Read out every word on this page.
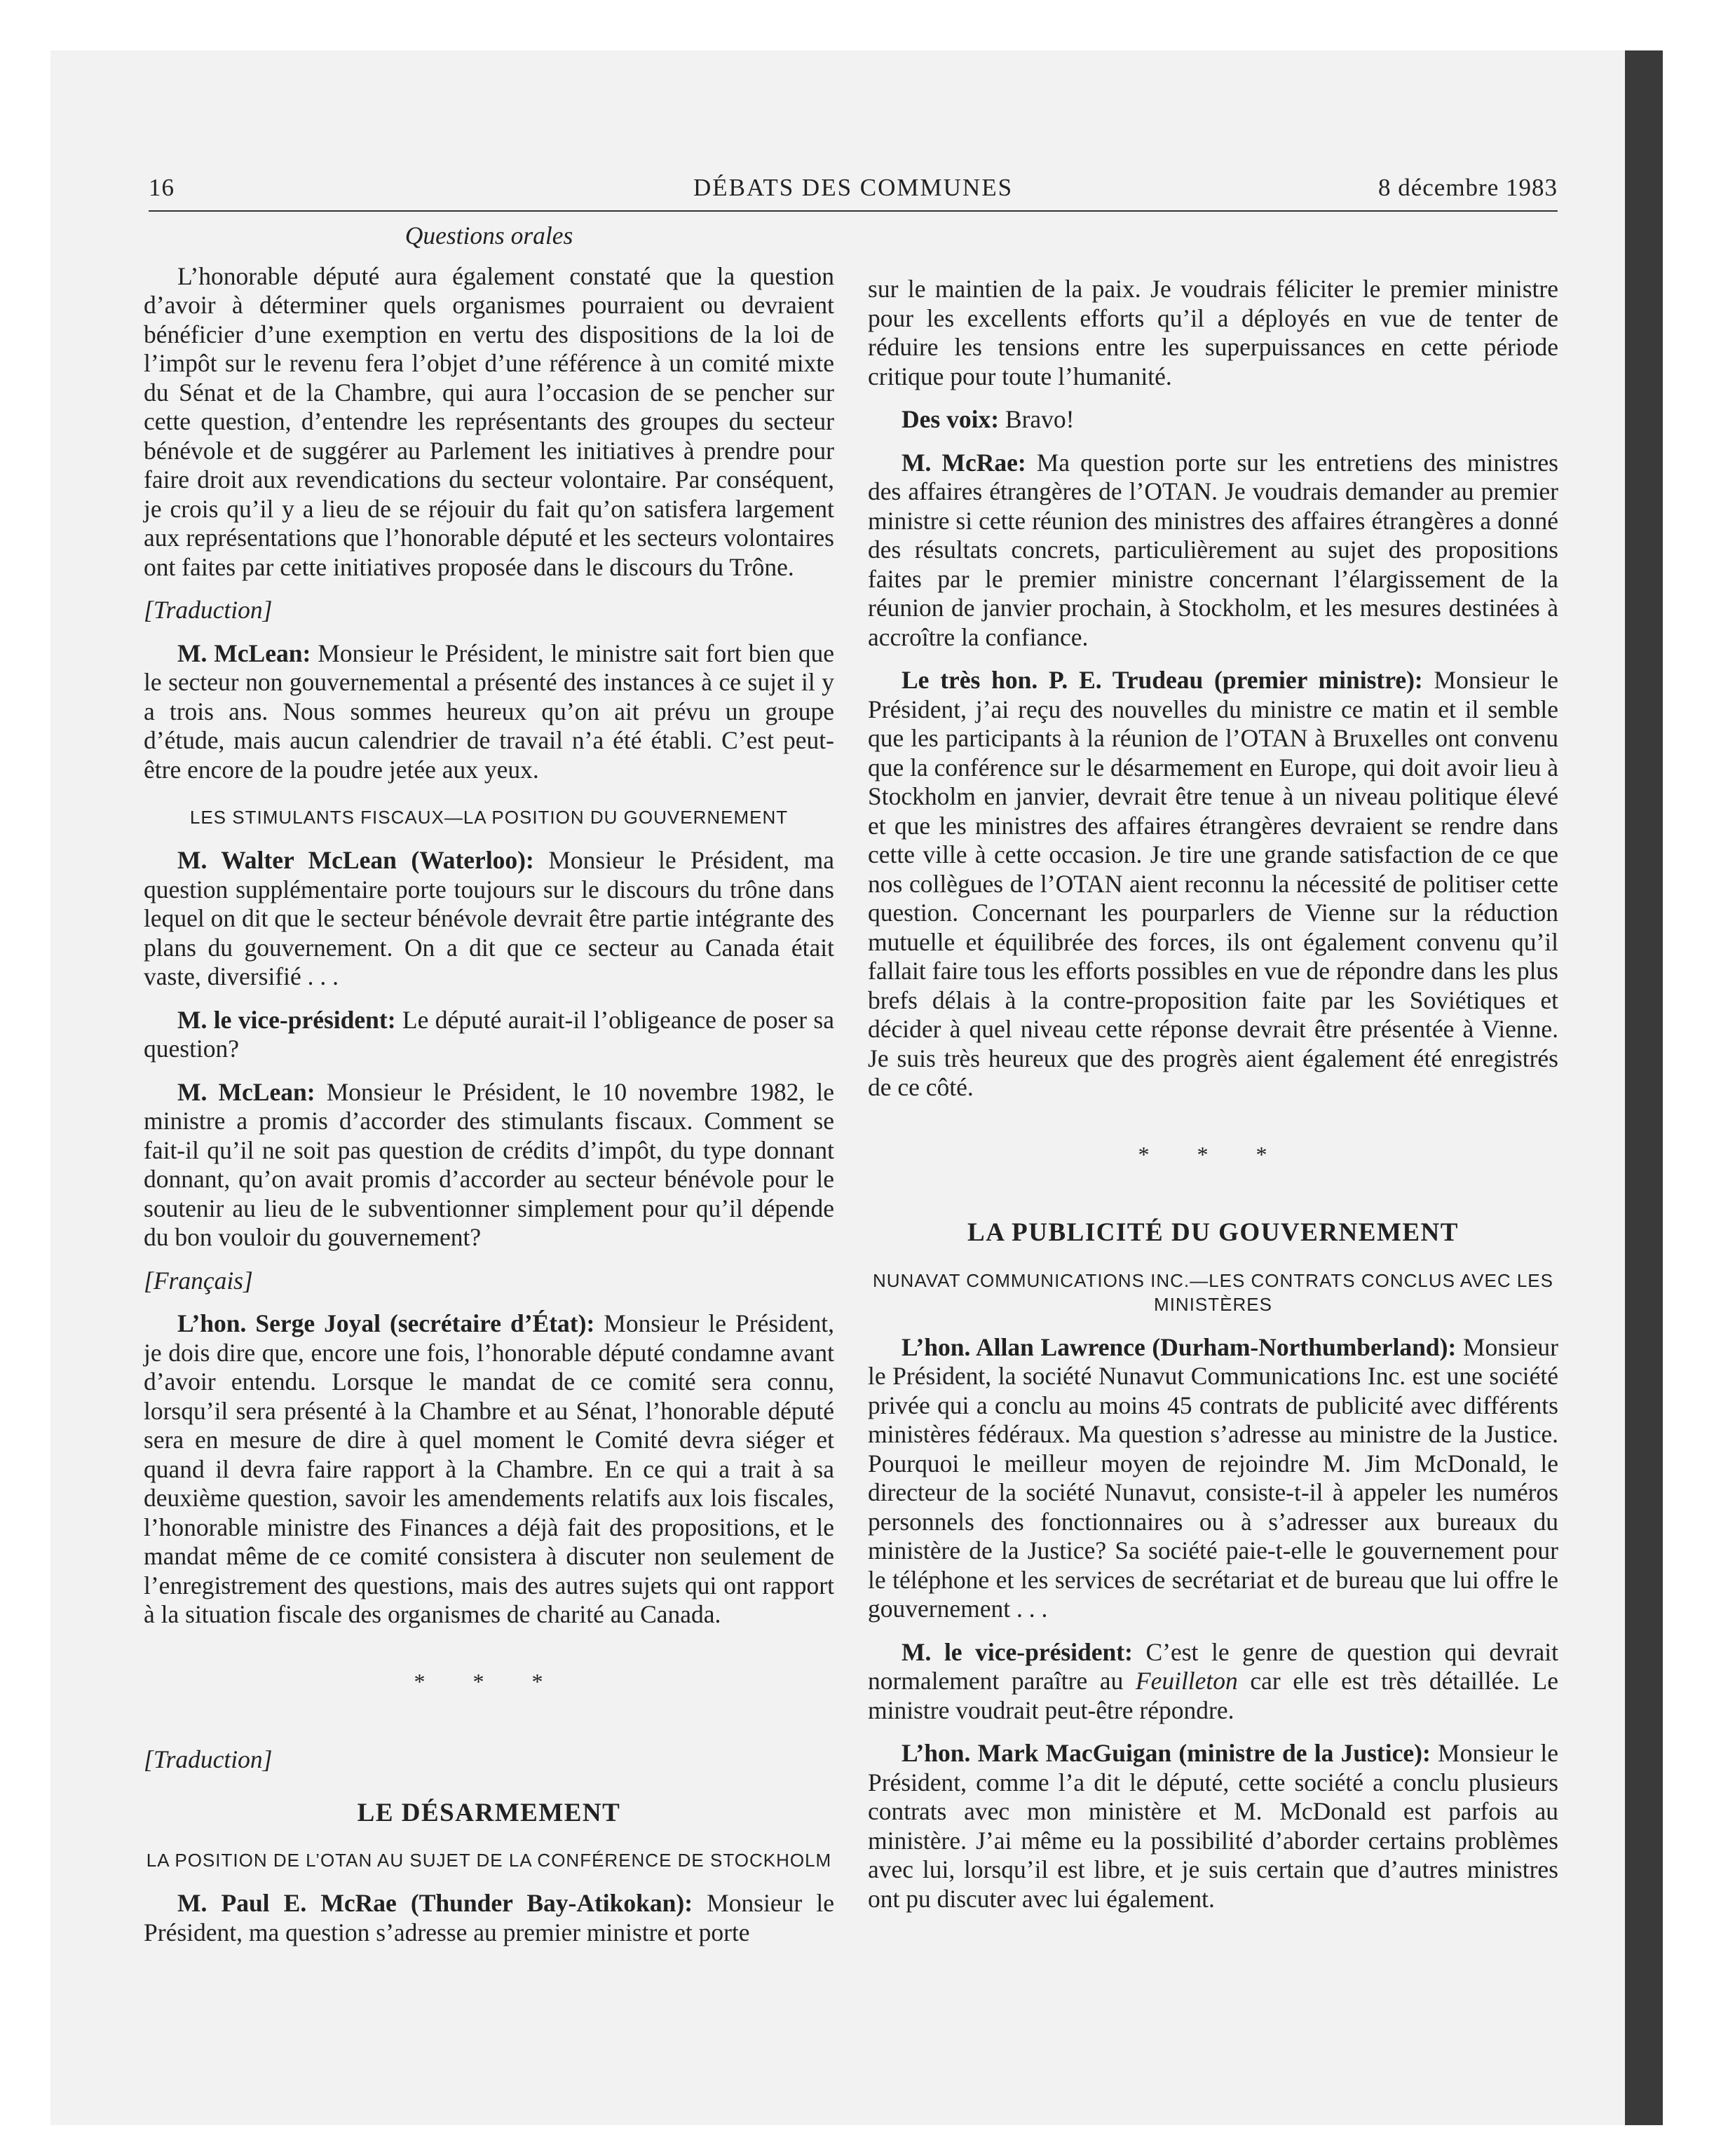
16	DÉBATS DES COMMUNES	8 décembre 1983
Questions orales

L’honorable député aura également constaté que la question d’avoir à déterminer quels organismes pourraient ou devraient bénéficier d’une exemption en vertu des dispositions de la loi de l’impôt sur le revenu fera l’objet d’une référence à un comité mixte du Sénat et de la Chambre, qui aura l’occasion de se pencher sur cette question, d’entendre les représentants des groupes du secteur bénévole et de suggérer au Parlement les initiatives à prendre pour faire droit aux revendications du secteur volontaire. Par conséquent, je crois qu’il y a lieu de se réjouir du fait qu’on satisfera largement aux représentations que l’honorable député et les secteurs volontaires ont faites par cette initiatives proposée dans le discours du Trône.

[Traduction]

M. McLean: Monsieur le Président, le ministre sait fort bien que le secteur non gouvernemental a présenté des instances à ce sujet il y a trois ans. Nous sommes heureux qu’on ait prévu un groupe d’étude, mais aucun calendrier de travail n’a été établi. C’est peut-être encore de la poudre jetée aux yeux.

LES STIMULANTS FISCAUX—LA POSITION DU GOUVERNEMENT

M. Walter McLean (Waterloo): Monsieur le Président, ma question supplémentaire porte toujours sur le discours du trône dans lequel on dit que le secteur bénévole devrait être partie intégrante des plans du gouvernement. On a dit que ce secteur au Canada était vaste, diversifié . . .

M. le vice-président: Le député aurait-il l’obligeance de poser sa question?

M. McLean: Monsieur le Président, le 10 novembre 1982, le ministre a promis d’accorder des stimulants fiscaux. Comment se fait-il qu’il ne soit pas question de crédits d’impôt, du type donnant donnant, qu’on avait promis d’accorder au secteur bénévole pour le soutenir au lieu de le subventionner simplement pour qu’il dépende du bon vouloir du gouvernement?

[Français]

L’hon. Serge Joyal (secrétaire d’État): Monsieur le Président, je dois dire que, encore une fois, l’honorable député condamne avant d’avoir entendu. Lorsque le mandat de ce comité sera connu, lorsqu’il sera présenté à la Chambre et au Sénat, l’honorable député sera en mesure de dire à quel moment le Comité devra siéger et quand il devra faire rapport à la Chambre. En ce qui a trait à sa deuxième question, savoir les amendements relatifs aux lois fiscales, l’honorable ministre des Finances a déjà fait des propositions, et le mandat même de ce comité consistera à discuter non seulement de l’enregistrement des questions, mais des autres sujets qui ont rapport à la situation fiscale des organismes de charité au Canada.

* * *

[Traduction]

LE DÉSARMEMENT
LA POSITION DE L’OTAN AU SUJET DE LA CONFÉRENCE DE STOCKHOLM

M. Paul E. McRae (Thunder Bay-Atikokan): Monsieur le Président, ma question s’adresse au premier ministre et porte

sur le maintien de la paix. Je voudrais féliciter le premier ministre pour les excellents efforts qu’il a déployés en vue de tenter de réduire les tensions entre les superpuissances en cette période critique pour toute l’humanité.

Des voix: Bravo!

M. McRae: Ma question porte sur les entretiens des ministres des affaires étrangères de l’OTAN. Je voudrais demander au premier ministre si cette réunion des ministres des affaires étrangères a donné des résultats concrets, particulièrement au sujet des propositions faites par le premier ministre concernant l’élargissement de la réunion de janvier prochain, à Stockholm, et les mesures destinées à accroître la confiance.

Le très hon. P. E. Trudeau (premier ministre): Monsieur le Président, j’ai reçu des nouvelles du ministre ce matin et il semble que les participants à la réunion de l’OTAN à Bruxelles ont convenu que la conférence sur le désarmement en Europe, qui doit avoir lieu à Stockholm en janvier, devrait être tenue à un niveau politique élevé et que les ministres des affaires étrangères devraient se rendre dans cette ville à cette occasion. Je tire une grande satisfaction de ce que nos collègues de l’OTAN aient reconnu la nécessité de politiser cette question. Concernant les pourparlers de Vienne sur la réduction mutuelle et équilibrée des forces, ils ont également convenu qu’il fallait faire tous les efforts possibles en vue de répondre dans les plus brefs délais à la contre-proposition faite par les Soviétiques et décider à quel niveau cette réponse devrait être présentée à Vienne. Je suis très heureux que des progrès aient également été enregistrés de ce côté.

* * *
LA PUBLICITÉ DU GOUVERNEMENT
NUNAVAT COMMUNICATIONS INC.—LES CONTRATS CONCLUS AVEC LES MINISTÈRES

L’hon. Allan Lawrence (Durham-Northumberland): Monsieur le Président, la société Nunavut Communications Inc. est une société privée qui a conclu au moins 45 contrats de publicité avec différents ministères fédéraux. Ma question s’adresse au ministre de la Justice. Pourquoi le meilleur moyen de rejoindre M. Jim McDonald, le directeur de la société Nunavut, consiste-t-il à appeler les numéros personnels des fonctionnaires ou à s’adresser aux bureaux du ministère de la Justice? Sa société paie-t-elle le gouvernement pour le téléphone et les services de secrétariat et de bureau que lui offre le gouvernement . . .

M. le vice-président: C’est le genre de question qui devrait normalement paraître au Feuilleton car elle est très détaillée. Le ministre voudrait peut-être répondre.

L’hon. Mark MacGuigan (ministre de la Justice): Monsieur le Président, comme l’a dit le député, cette société a conclu plusieurs contrats avec mon ministère et M. McDonald est parfois au ministère. J’ai même eu la possibilité d’aborder certains problèmes avec lui, lorsqu’il est libre, et je suis certain que d’autres ministres ont pu discuter avec lui également.
